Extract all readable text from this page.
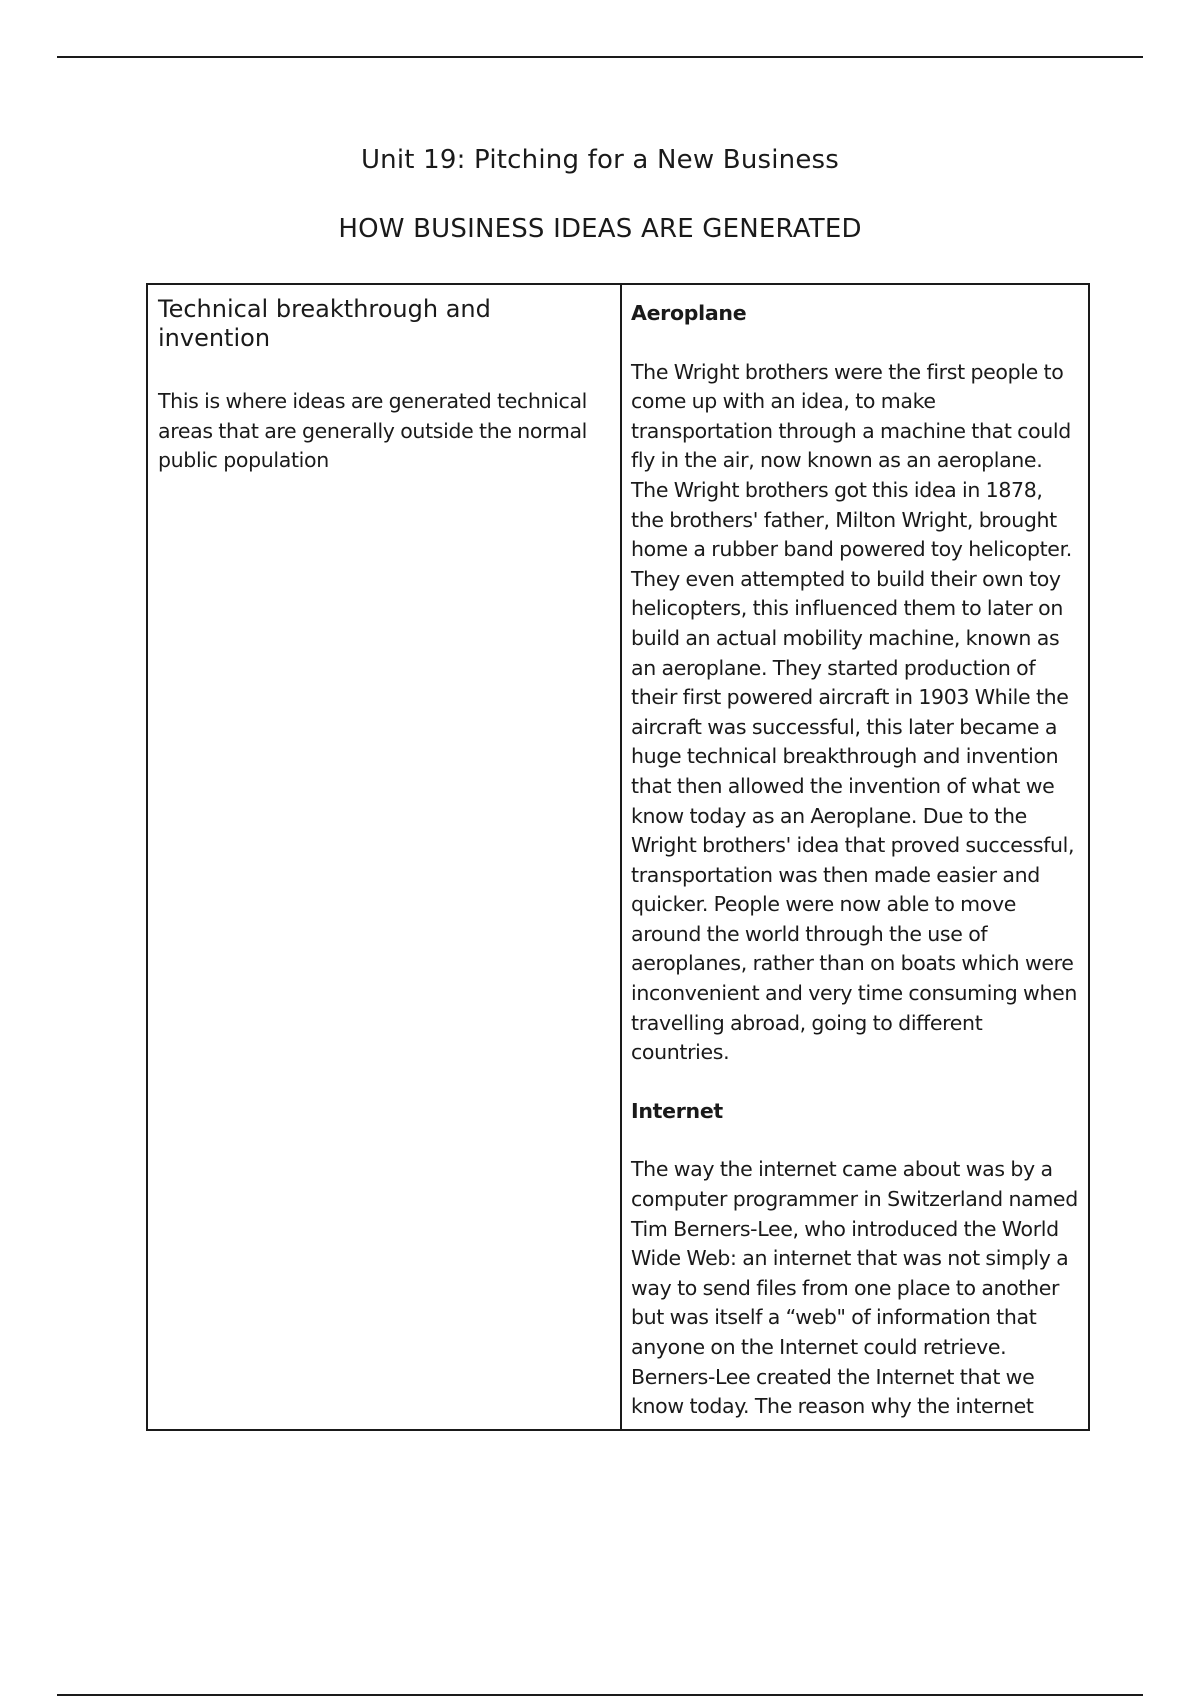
Unit 19: Pitching for a New Business
HOW BUSINESS IDEAS ARE GENERATED

Technical breakthrough and invention

This is where ideas are generated technical areas that are generally outside the normal public population

Aeroplane

The Wright brothers were the first people to come up with an idea, to make transportation through a machine that could fly in the air, now known as an aeroplane. The Wright brothers got this idea in 1878, the brothers' father, Milton Wright, brought home a rubber band powered toy helicopter. They even attempted to build their own toy helicopters, this influenced them to later on build an actual mobility machine, known as an aeroplane. They started production of their first powered aircraft in 1903 While the aircraft was successful, this later became a huge technical breakthrough and invention that then allowed the invention of what we know today as an Aeroplane. Due to the Wright brothers' idea that proved successful, transportation was then made easier and quicker. People were now able to move around the world through the use of aeroplanes, rather than on boats which were inconvenient and very time consuming when travelling abroad, going to different countries.

Internet

The way the internet came about was by a computer programmer in Switzerland named Tim Berners-Lee, who introduced the World Wide Web: an internet that was not simply a way to send files from one place to another but was itself a “web" of information that anyone on the Internet could retrieve. Berners-Lee created the Internet that we know today. The reason why the internet
